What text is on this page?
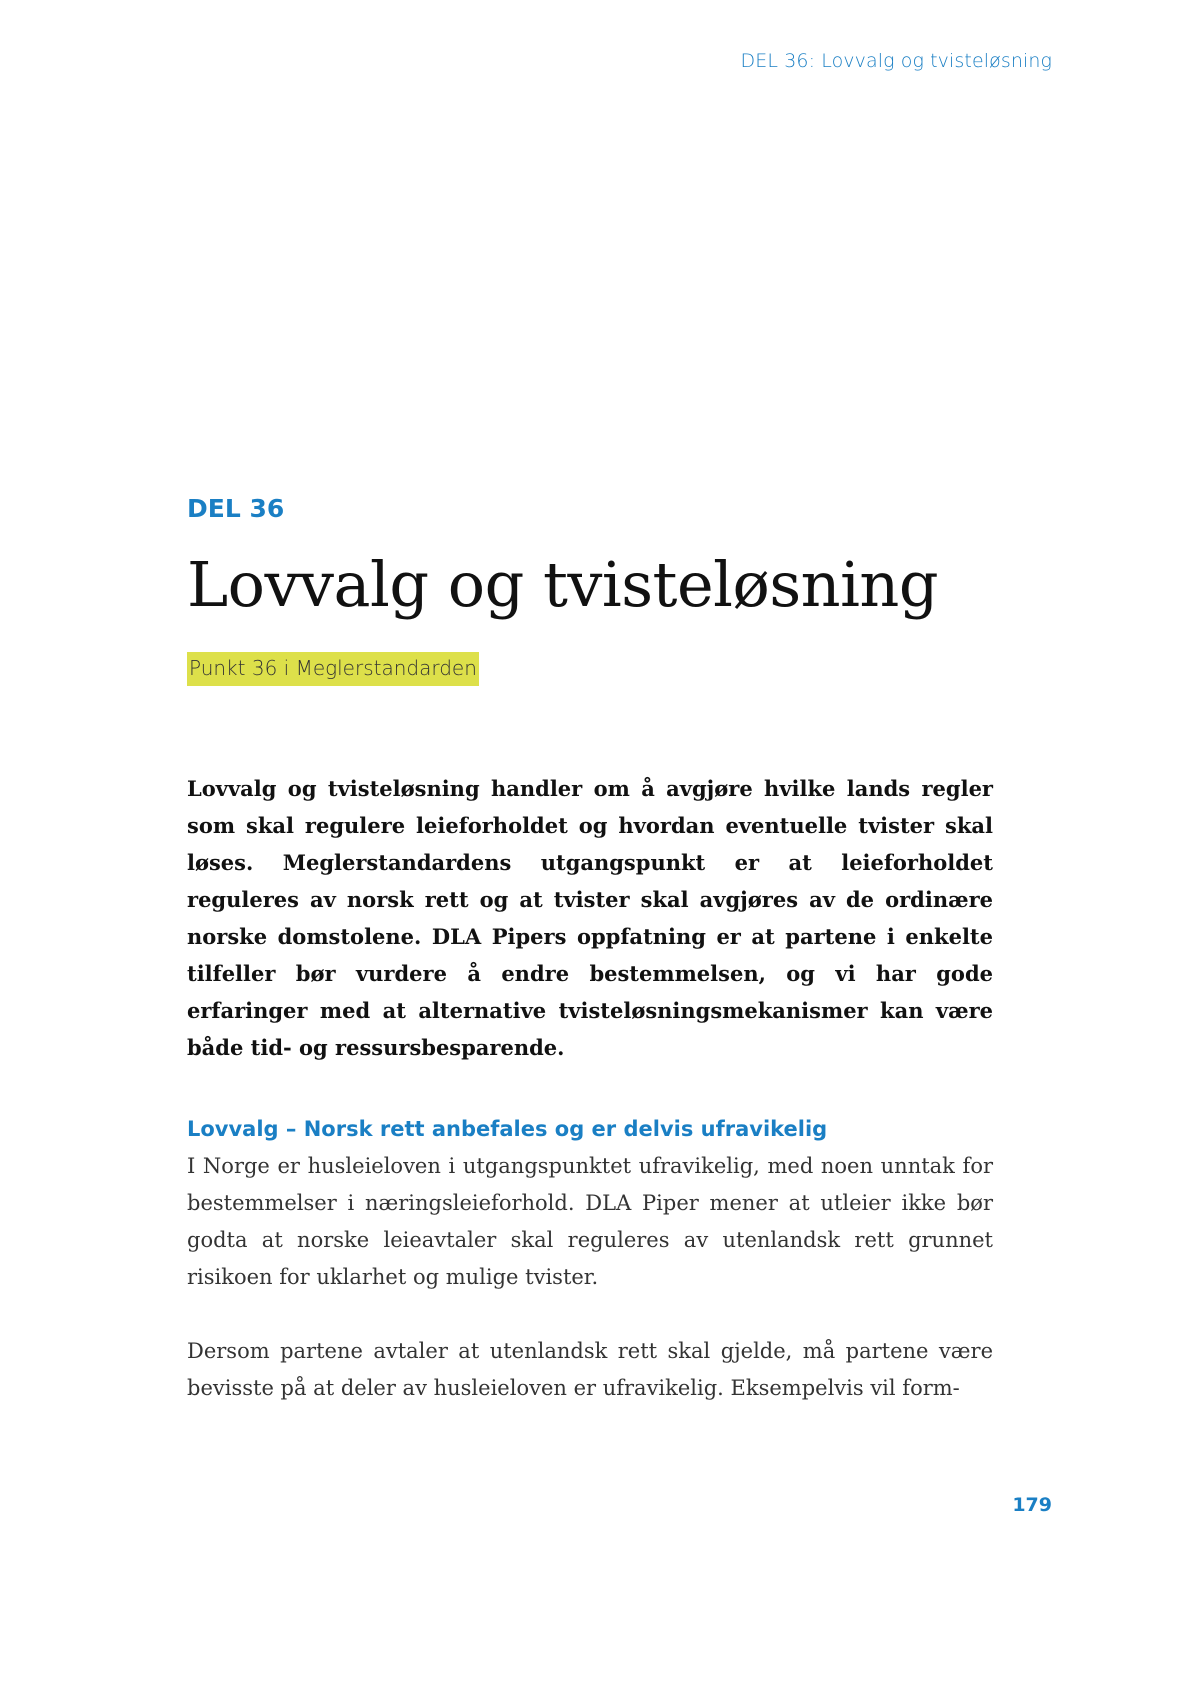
DEL 36: Lovvalg og tvisteløsning

DEL 36

Lovvalg og tvisteløsning
Punkt 36 i Meglerstandarden

Lovvalg og tvisteløsning handler om å avgjøre hvilke lands regler som skal regulere leieforholdet og hvordan eventuelle tvister skal løses. Meglerstandardens utgangspunkt er at leieforholdet reguleres av norsk rett og at tvister skal avgjøres av de ordinære norske domstolene. DLA Pipers oppfatning er at partene i enkelte tilfeller bør vurdere å endre bestemmelsen, og vi har gode erfaringer med at alternative tvisteløsningsmekanismer kan være både tid- og ressursbesparende.

Lovvalg – Norsk rett anbefales og er delvis ufravikelig

I Norge er husleieloven i utgangspunktet ufravikelig, med noen unntak for bestemmelser i næringsleieforhold. DLA Piper mener at utleier ikke bør godta at norske leieavtaler skal reguleres av utenlandsk rett grunnet risikoen for uklarhet og mulige tvister.

Dersom partene avtaler at utenlandsk rett skal gjelde, må partene være bevisste på at deler av husleieloven er ufravikelig. Eksempelvis vil form-

179
